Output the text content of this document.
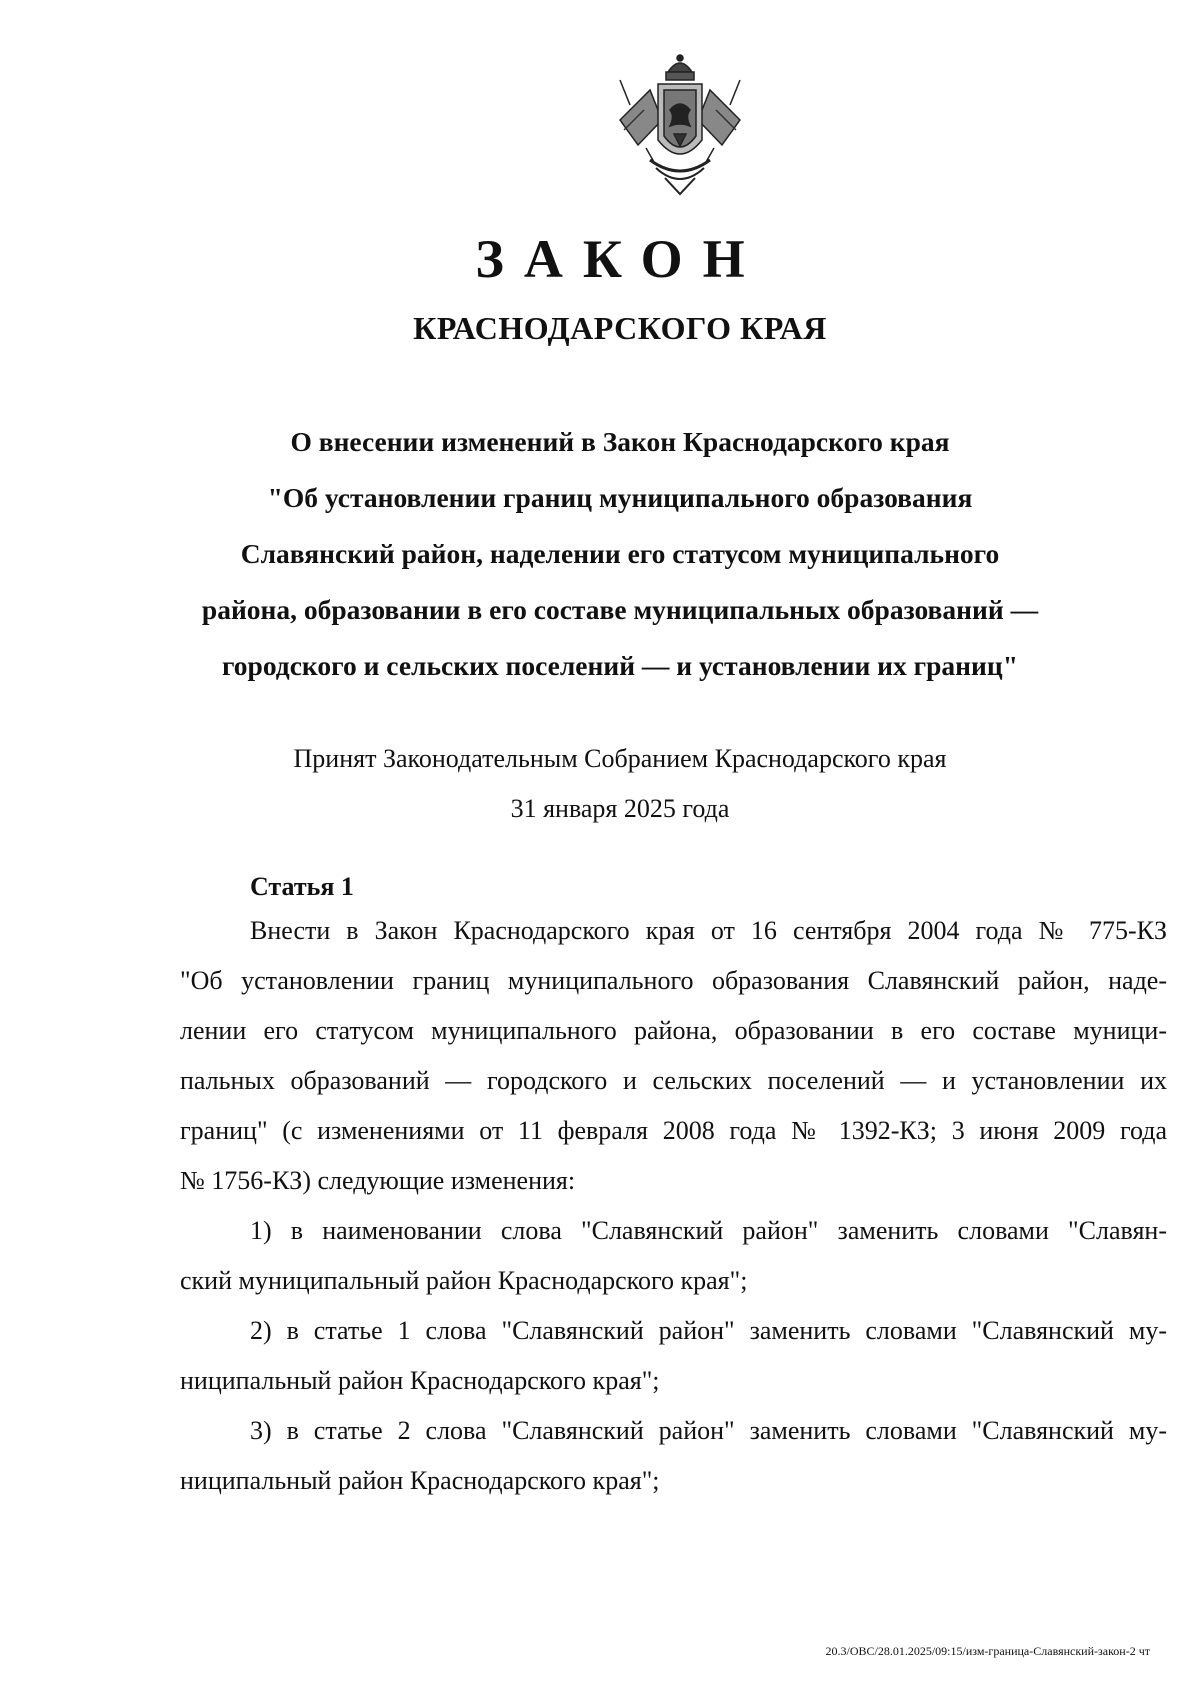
ЗАКОН
КРАСНОДАРСКОГО КРАЯ
О внесении изменений в Закон Краснодарского края
"Об установлении границ муниципального образования
Славянский район, наделении его статусом муниципального
района, образовании в его составе муниципальных образований —
городского и сельских поселений — и установлении их границ"
Принят Законодательным Собранием Краснодарского края
31 января 2025 года
Статья 1
Внести в Закон Краснодарского края от 16 сентября 2004 года № 775-КЗ
"Об установлении границ муниципального образования Славянский район, наде-
лении его статусом муниципального района, образовании в его составе муници-
пальных образований — городского и сельских поселений — и установлении их
границ" (с изменениями от 11 февраля 2008 года № 1392-КЗ; 3 июня 2009 года
№ 1756-КЗ) следующие изменения:
1) в наименовании слова "Славянский район" заменить словами "Славян-
ский муниципальный район Краснодарского края";
2) в статье 1 слова "Славянский район" заменить словами "Славянский му-
ниципальный район Краснодарского края";
3) в статье 2 слова "Славянский район" заменить словами "Славянский му-
ниципальный район Краснодарского края";
20.3/OBC/28.01.2025/09:15/изм-граница-Славянский-закон-2 чт
